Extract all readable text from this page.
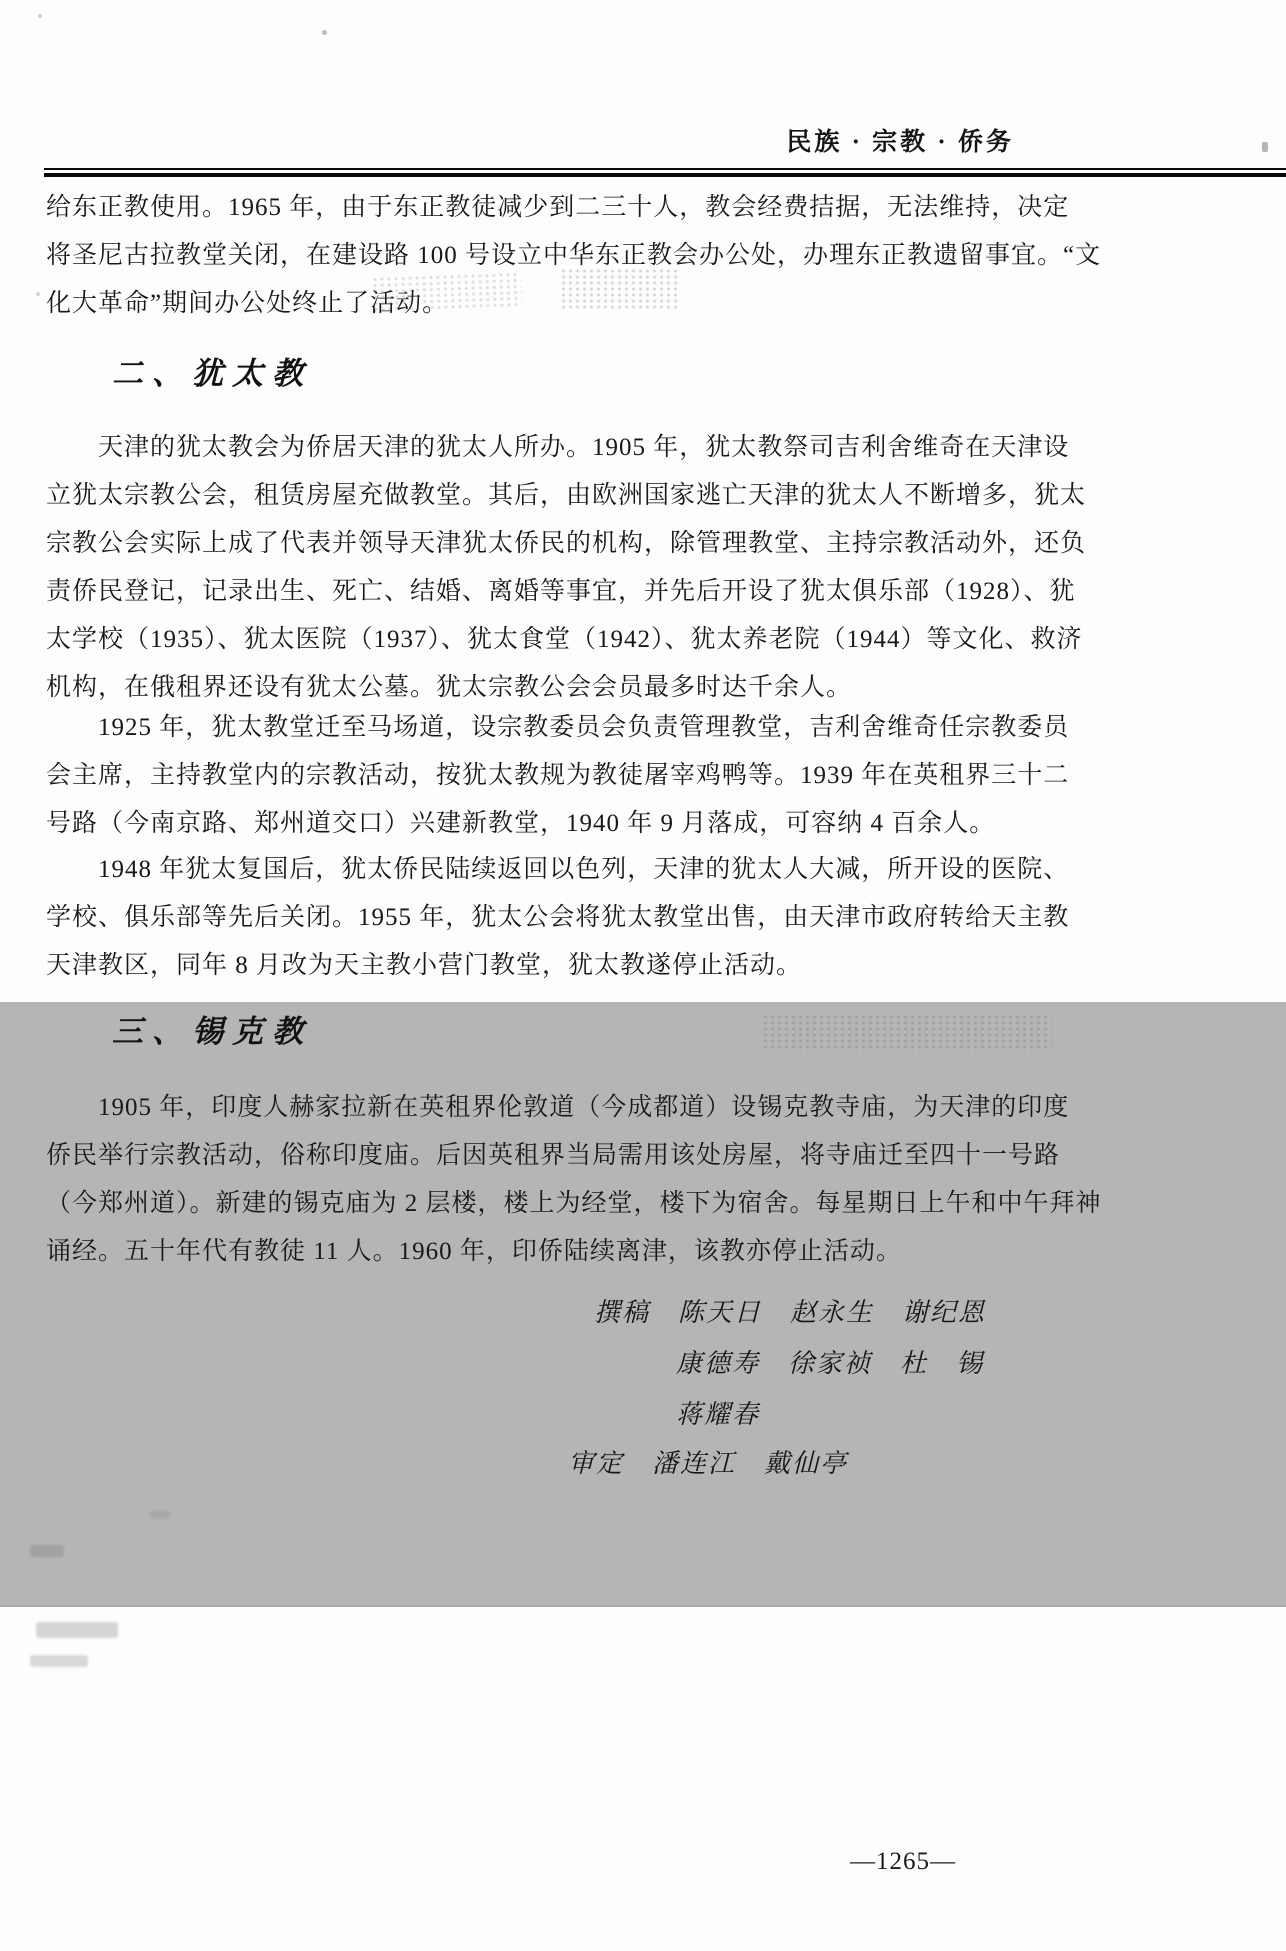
民族 · 宗教 · 侨务
给东正教使用。1965 年，由于东正教徒减少到二三十人，教会经费拮据，无法维持，决定
将圣尼古拉教堂关闭，在建设路 100 号设立中华东正教会办公处，办理东正教遗留事宜。“文
化大革命”期间办公处终止了活动。
二、犹太教
天津的犹太教会为侨居天津的犹太人所办。1905 年，犹太教祭司吉利舍维奇在天津设
立犹太宗教公会，租赁房屋充做教堂。其后，由欧洲国家逃亡天津的犹太人不断增多，犹太
宗教公会实际上成了代表并领导天津犹太侨民的机构，除管理教堂、主持宗教活动外，还负
责侨民登记，记录出生、死亡、结婚、离婚等事宜，并先后开设了犹太俱乐部（1928）、犹
太学校（1935）、犹太医院（1937）、犹太食堂（1942）、犹太养老院（1944）等文化、救济
机构，在俄租界还设有犹太公墓。犹太宗教公会会员最多时达千余人。
1925 年，犹太教堂迁至马场道，设宗教委员会负责管理教堂，吉利舍维奇任宗教委员
会主席，主持教堂内的宗教活动，按犹太教规为教徒屠宰鸡鸭等。1939 年在英租界三十二
号路（今南京路、郑州道交口）兴建新教堂，1940 年 9 月落成，可容纳 4 百余人。
1948 年犹太复国后，犹太侨民陆续返回以色列，天津的犹太人大减，所开设的医院、
学校、俱乐部等先后关闭。1955 年，犹太公会将犹太教堂出售，由天津市政府转给天主教
天津教区，同年 8 月改为天主教小营门教堂，犹太教遂停止活动。
三、锡克教
1905 年，印度人赫家拉新在英租界伦敦道（今成都道）设锡克教寺庙，为天津的印度
侨民举行宗教活动，俗称印度庙。后因英租界当局需用该处房屋，将寺庙迁至四十一号路
（今郑州道）。新建的锡克庙为 2 层楼，楼上为经堂，楼下为宿舍。每星期日上午和中午拜神
诵经。五十年代有教徒 11 人。1960 年，印侨陆续离津，该教亦停止活动。
撰稿　陈天日　赵永生　谢纪恩
康德寿　徐家祯　杜　锡
蒋耀春
审定　潘连江　戴仙亭
—1265—
